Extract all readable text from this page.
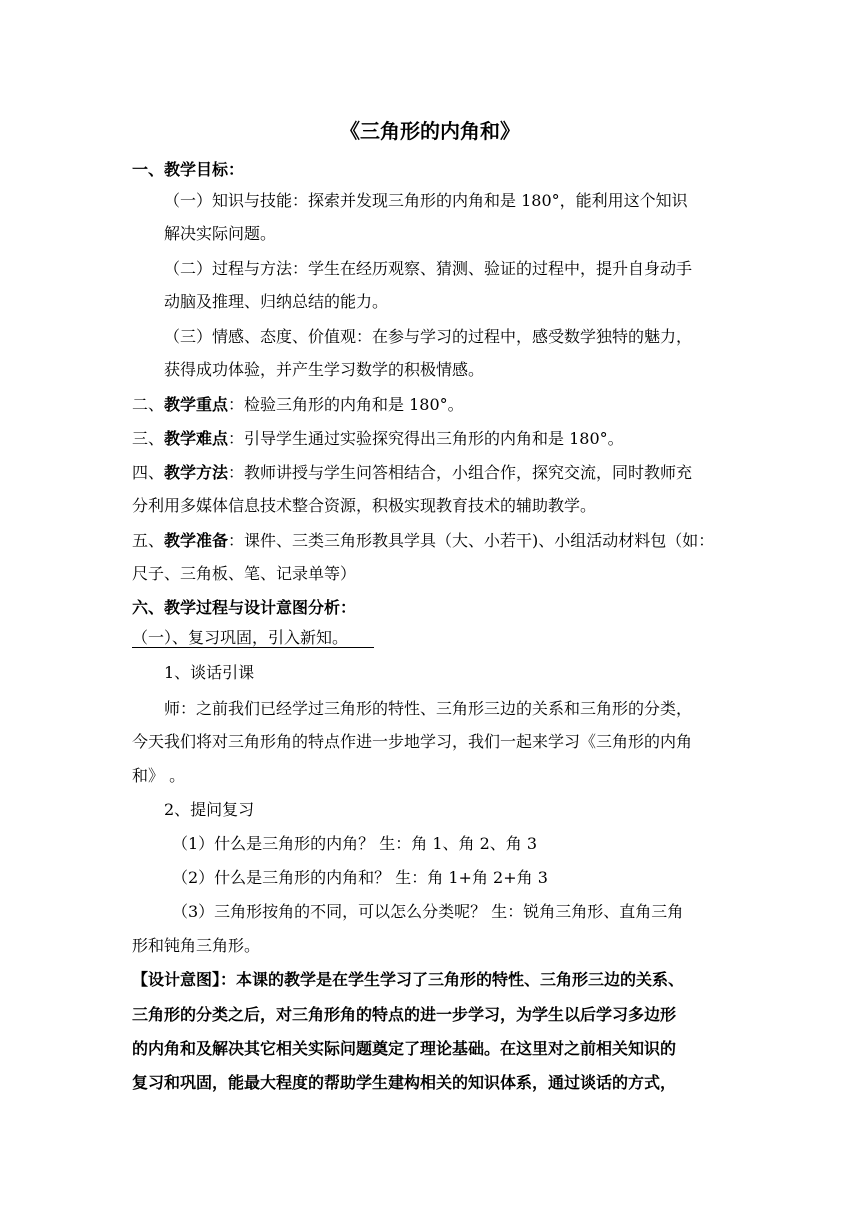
《三角形的内角和》
一、教学目标：
（一）知识与技能：探索并发现三角形的内角和是 180°，能利用这个知识
解决实际问题。
（二）过程与方法：学生在经历观察、猜测、验证的过程中，提升自身动手
动脑及推理、归纳总结的能力。
（三）情感、态度、价值观：在参与学习的过程中，感受数学独特的魅力，
获得成功体验，并产生学习数学的积极情感。
二、教学重点：检验三角形的内角和是 180°。
三、教学难点：引导学生通过实验探究得出三角形的内角和是 180°。
四、教学方法：教师讲授与学生问答相结合，小组合作，探究交流，同时教师充
分利用多媒体信息技术整合资源，积极实现教育技术的辅助教学。
五、教学准备：课件、三类三角形教具学具（大、小若干)、小组活动材料包（如：
尺子、三角板、笔、记录单等）
六、教学过程与设计意图分析：
（一）、复习巩固，引入新知。
1、谈话引课
师：之前我们已经学过三角形的特性、三角形三边的关系和三角形的分类，
今天我们将对三角形角的特点作进一步地学习，我们一起来学习《三角形的内角
和》 。
2、提问复习
（1）什么是三角形的内角？ 生：角 1、角 2、角 3
（2）什么是三角形的内角和？ 生：角 1+角 2+角 3
（3）三角形按角的不同，可以怎么分类呢？ 生：锐角三角形、直角三角
形和钝角三角形。
【设计意图】：本课的教学是在学生学习了三角形的特性、三角形三边的关系、
三角形的分类之后，对三角形角的特点的进一步学习，为学生以后学习多边形
的内角和及解决其它相关实际问题奠定了理论基础。在这里对之前相关知识的
复习和巩固，能最大程度的帮助学生建构相关的知识体系，通过谈话的方式，
